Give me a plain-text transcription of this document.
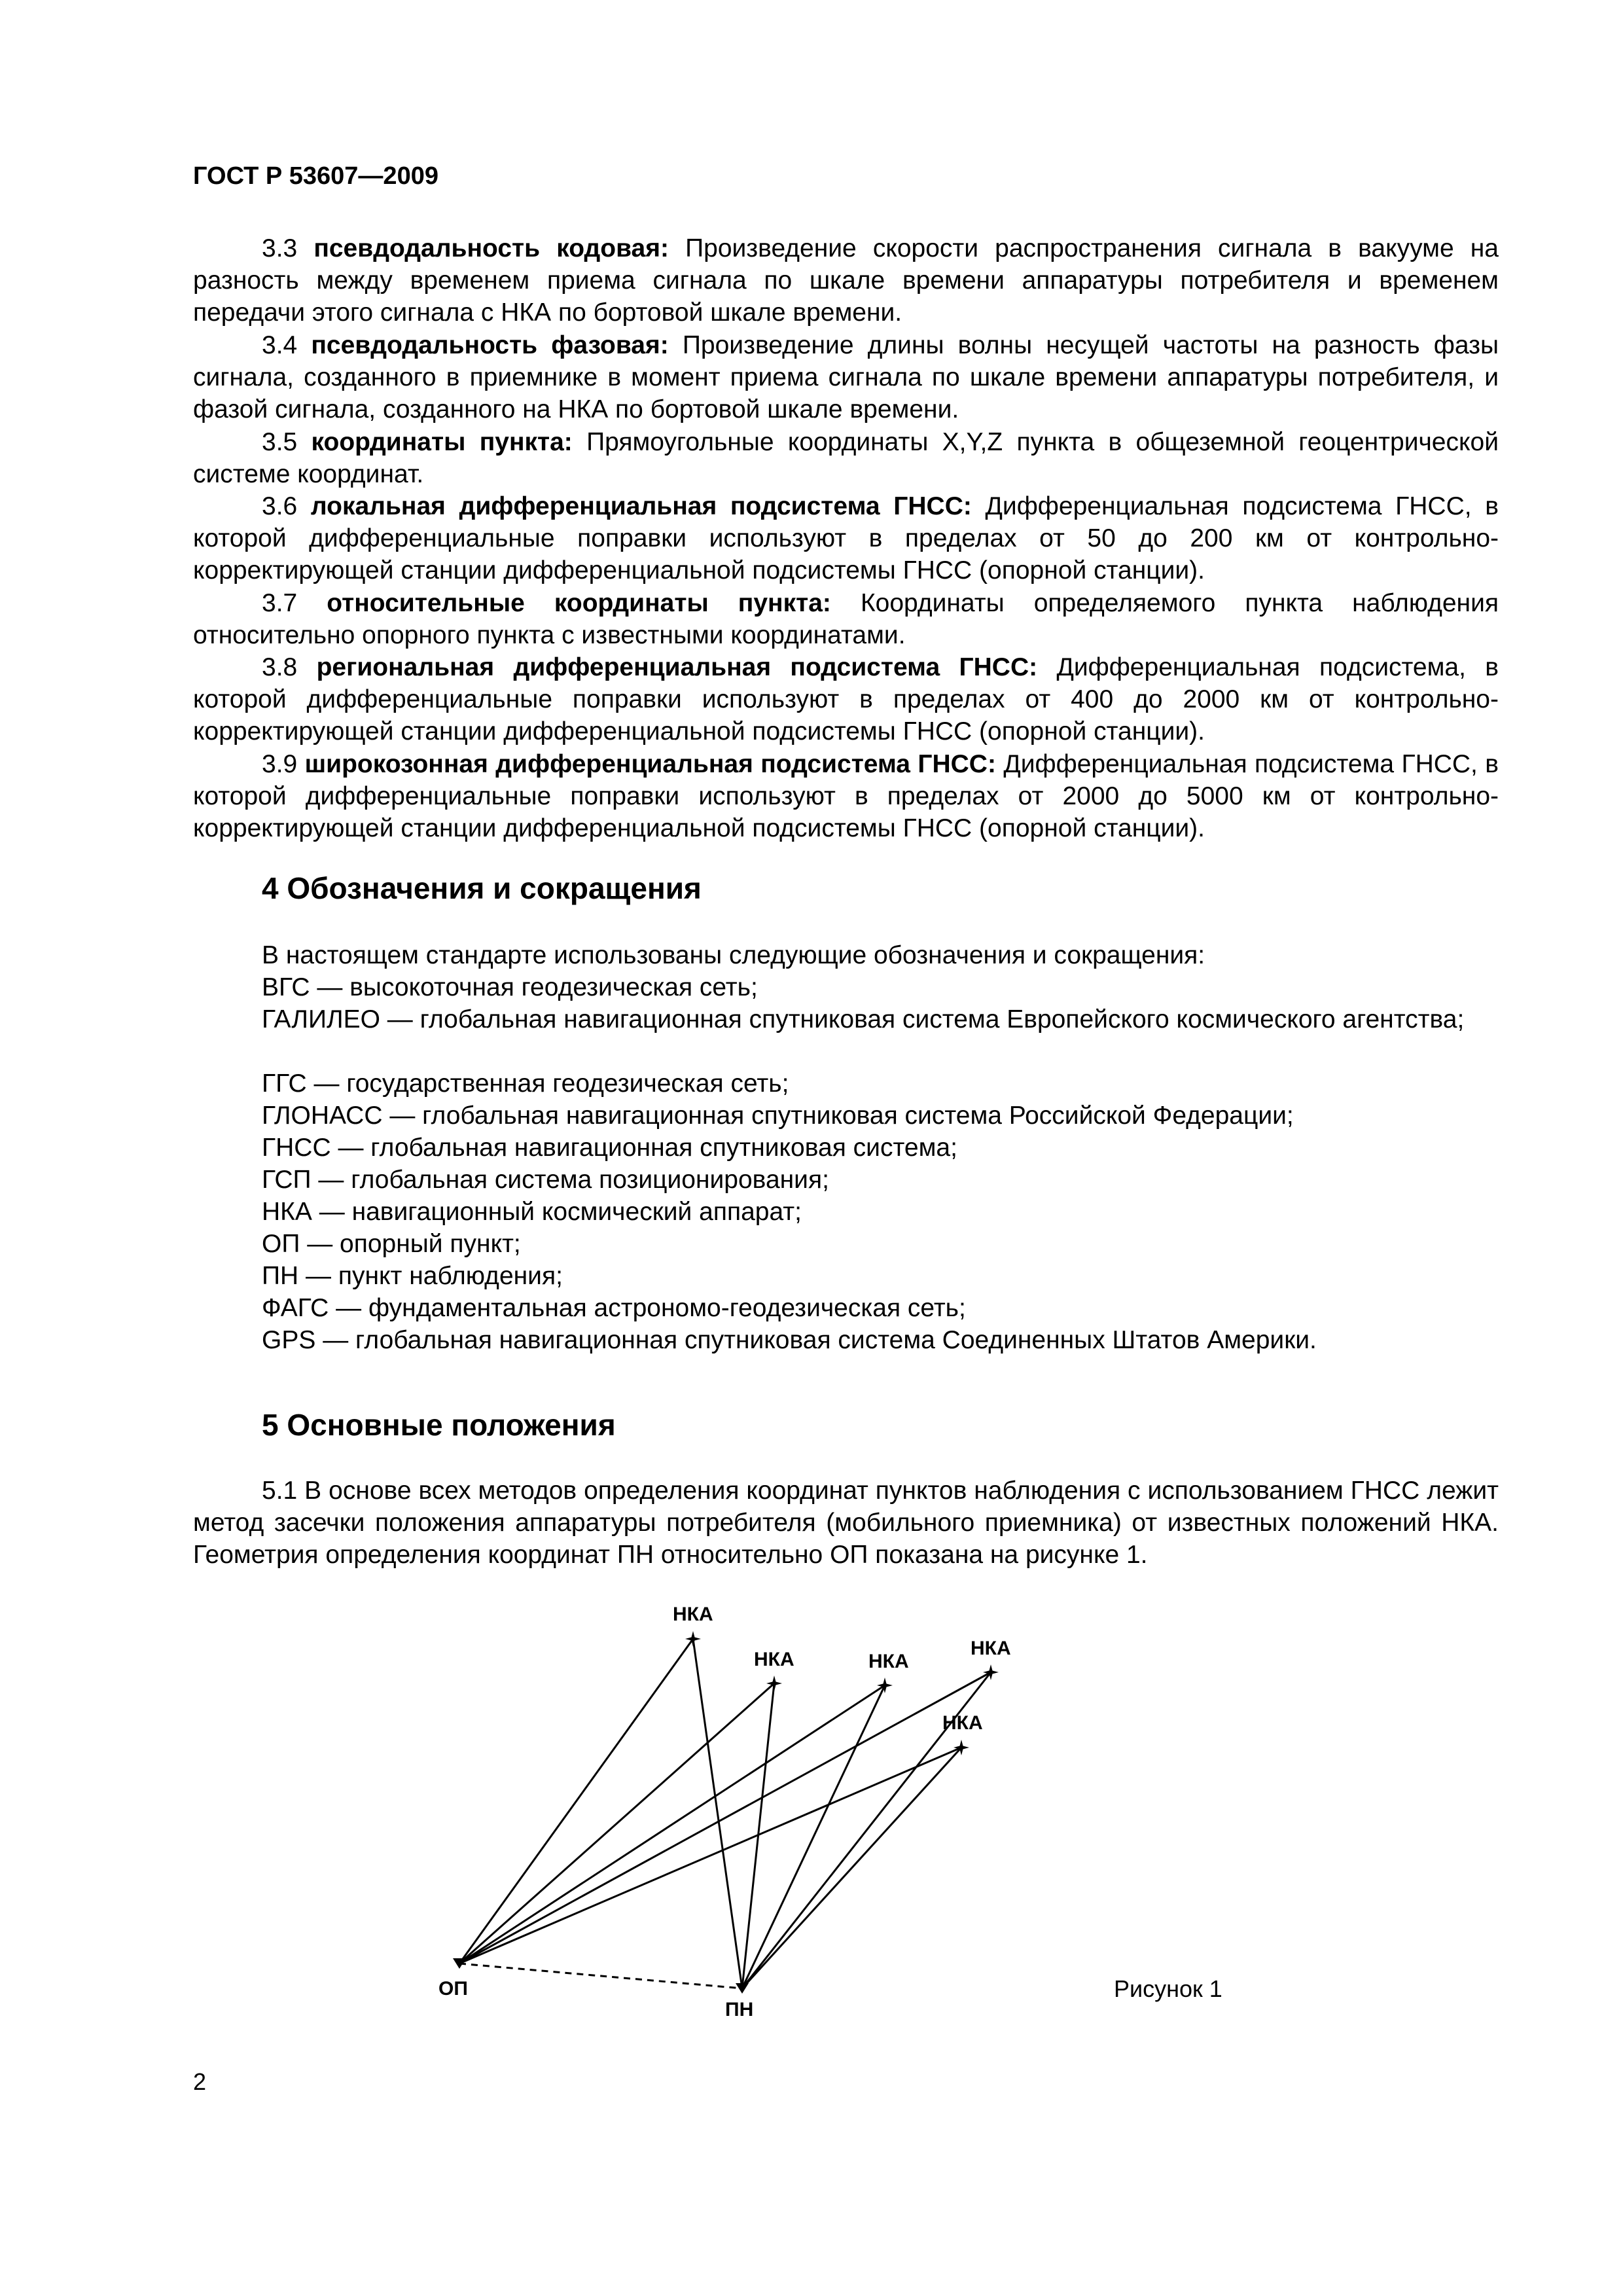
ГОСТ Р 53607—2009

3.3 псевдодальность кодовая: Произведение скорости распространения сигнала в вакууме на разность между временем приема сигнала по шкале времени аппаратуры потребителя и временем передачи этого сигнала с НКА по бортовой шкале времени.

3.4 псевдодальность фазовая: Произведение длины волны несущей частоты на разность фазы сигнала, созданного в приемнике в момент приема сигнала по шкале времени аппаратуры потребителя, и фазой сигнала, созданного на НКА по бортовой шкале времени.

3.5 координаты пункта: Прямоугольные координаты X,Y,Z пункта в общеземной геоцентрической системе координат.

3.6 локальная дифференциальная подсистема ГНСС: Дифференциальная подсистема ГНСС, в которой дифференциальные поправки используют в пределах от 50 до 200 км от контрольно-корректирующей станции дифференциальной подсистемы ГНСС (опорной станции).

3.7 относительные координаты пункта: Координаты определяемого пункта наблюдения относительно опорного пункта с известными координатами.

3.8 региональная дифференциальная подсистема ГНСС: Дифференциальная подсистема, в которой дифференциальные поправки используют в пределах от 400 до 2000 км от контрольно-корректирующей станции дифференциальной подсистемы ГНСС (опорной станции).

3.9 широкозонная дифференциальная подсистема ГНСС: Дифференциальная подсистема ГНСС, в которой дифференциальные поправки используют в пределах от 2000 до 5000 км от контрольно-корректирующей станции дифференциальной подсистемы ГНСС (опорной станции).

4 Обозначения и сокращения
В настоящем стандарте использованы следующие обозначения и сокращения:
ВГС — высокоточная геодезическая сеть;

ГАЛИЛЕО — глобальная навигационная спутниковая система Европейского космического агентства;

ГГС — государственная геодезическая сеть;
ГЛОНАСС — глобальная навигационная спутниковая система Российской Федерации;
ГНСС — глобальная навигационная спутниковая система;
ГСП — глобальная система позиционирования;
НКА — навигационный космический аппарат;
ОП — опорный пункт;
ПН — пункт наблюдения;
ФАГС — фундаментальная астрономо-геодезическая сеть;
GPS — глобальная навигационная спутниковая система Соединенных Штатов Америки.
5 Основные положения

5.1 В основе всех методов определения координат пунктов наблюдения с использованием ГНСС лежит метод засечки положения аппаратуры потребителя (мобильного приемника) от известных положений НКА. Геометрия определения координат ПН относительно ОП показана на рисунке 1.

НКА
НКА	НКА
НКА
НКА
ОП
ПН
Рисунок 1
2
